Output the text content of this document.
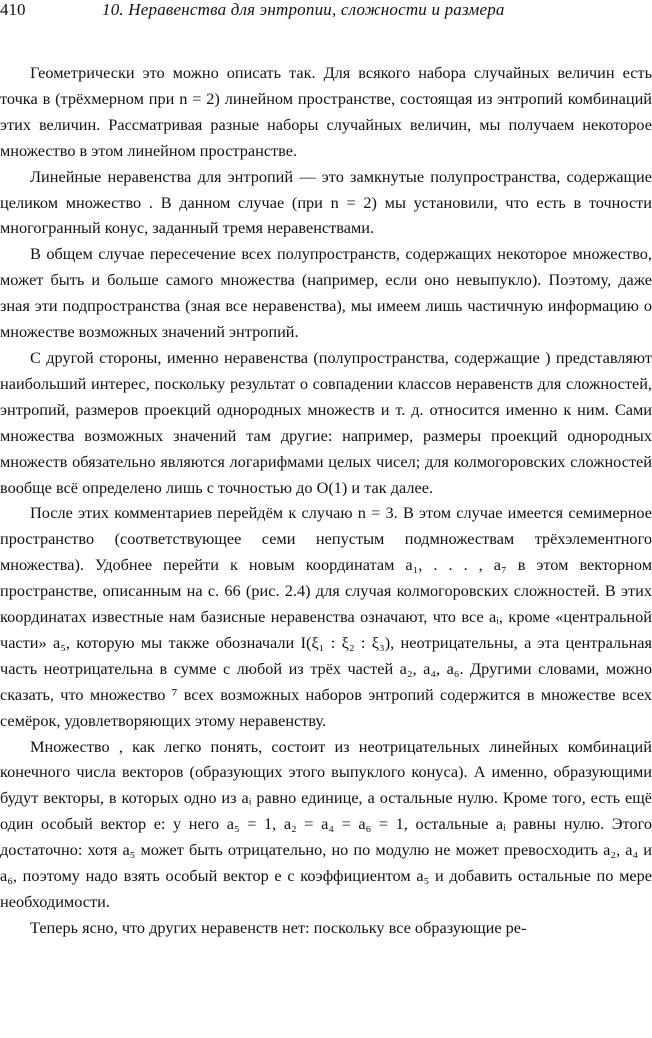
410	10. Неравенства для энтропии, сложности и размера

Геометрически это можно описать так. Для всякого набора случайных величин есть точка в (трёхмерном при n = 2) линейном пространстве, состоящая из энтропий комбинаций этих величин. Рассматривая разные наборы случайных величин, мы получаем некоторое множество в этом линейном пространстве.

Линейные неравенства для энтропий — это замкнутые полупространства, содержащие целиком множество . В данном случае (при n = 2) мы установили, что есть в точности многогранный конус, заданный тремя неравенствами.

В общем случае пересечение всех полупространств, содержащих некоторое множество, может быть и больше самого множества (например, если оно невыпукло). Поэтому, даже зная эти подпространства (зная все неравенства), мы имеем лишь частичную информацию о множестве возможных значений энтропий.

С другой стороны, именно неравенства (полупространства, содержащие ) представляют наибольший интерес, поскольку результат о совпадении классов неравенств для сложностей, энтропий, размеров проекций однородных множеств и т. д. относится именно к ним. Сами множества возможных значений там другие: например, размеры проекций однородных множеств обязательно являются логарифмами целых чисел; для колмогоровских сложностей вообще всё определено лишь с точностью до O(1) и так далее.

После этих комментариев перейдём к случаю n = 3. В этом случае имеется семимерное пространство (соответствующее семи непустым подмножествам трёхэлементного множества). Удобнее перейти к новым координатам a₁, . . . , a₇ в этом векторном пространстве, описанным на с. 66 (рис. 2.4) для случая колмогоровских сложностей. В этих координатах известные нам базисные неравенства означают, что все aᵢ, кроме «центральной части» a₅, которую мы также обозначали I(ξ₁ : ξ₂ : ξ₃), неотрицательны, а эта центральная часть неотрицательна в сумме с любой из трёх частей a₂, a₄, a₆. Другими словами, можно сказать, что множество ⁷ всех возможных наборов энтропий содержится в множестве всех семёрок, удовлетворяющих этому неравенству.

Множество , как легко понять, состоит из неотрицательных линейных комбинаций конечного числа векторов (образующих этого выпуклого конуса). А именно, образующими будут векторы, в которых одно из aᵢ равно единице, а остальные нулю. Кроме того, есть ещё один особый вектор e: у него a₅ = 1, a₂ = a₄ = a₆ = 1, остальные aᵢ равны нулю. Этого достаточно: хотя a₅ может быть отрицательно, но по модулю не может превосходить a₂, a₄ и a₆, поэтому надо взять особый вектор e с коэффициентом a₅ и добавить остальные по мере необходимости.

Теперь ясно, что других неравенств нет: поскольку все образующие ре-
